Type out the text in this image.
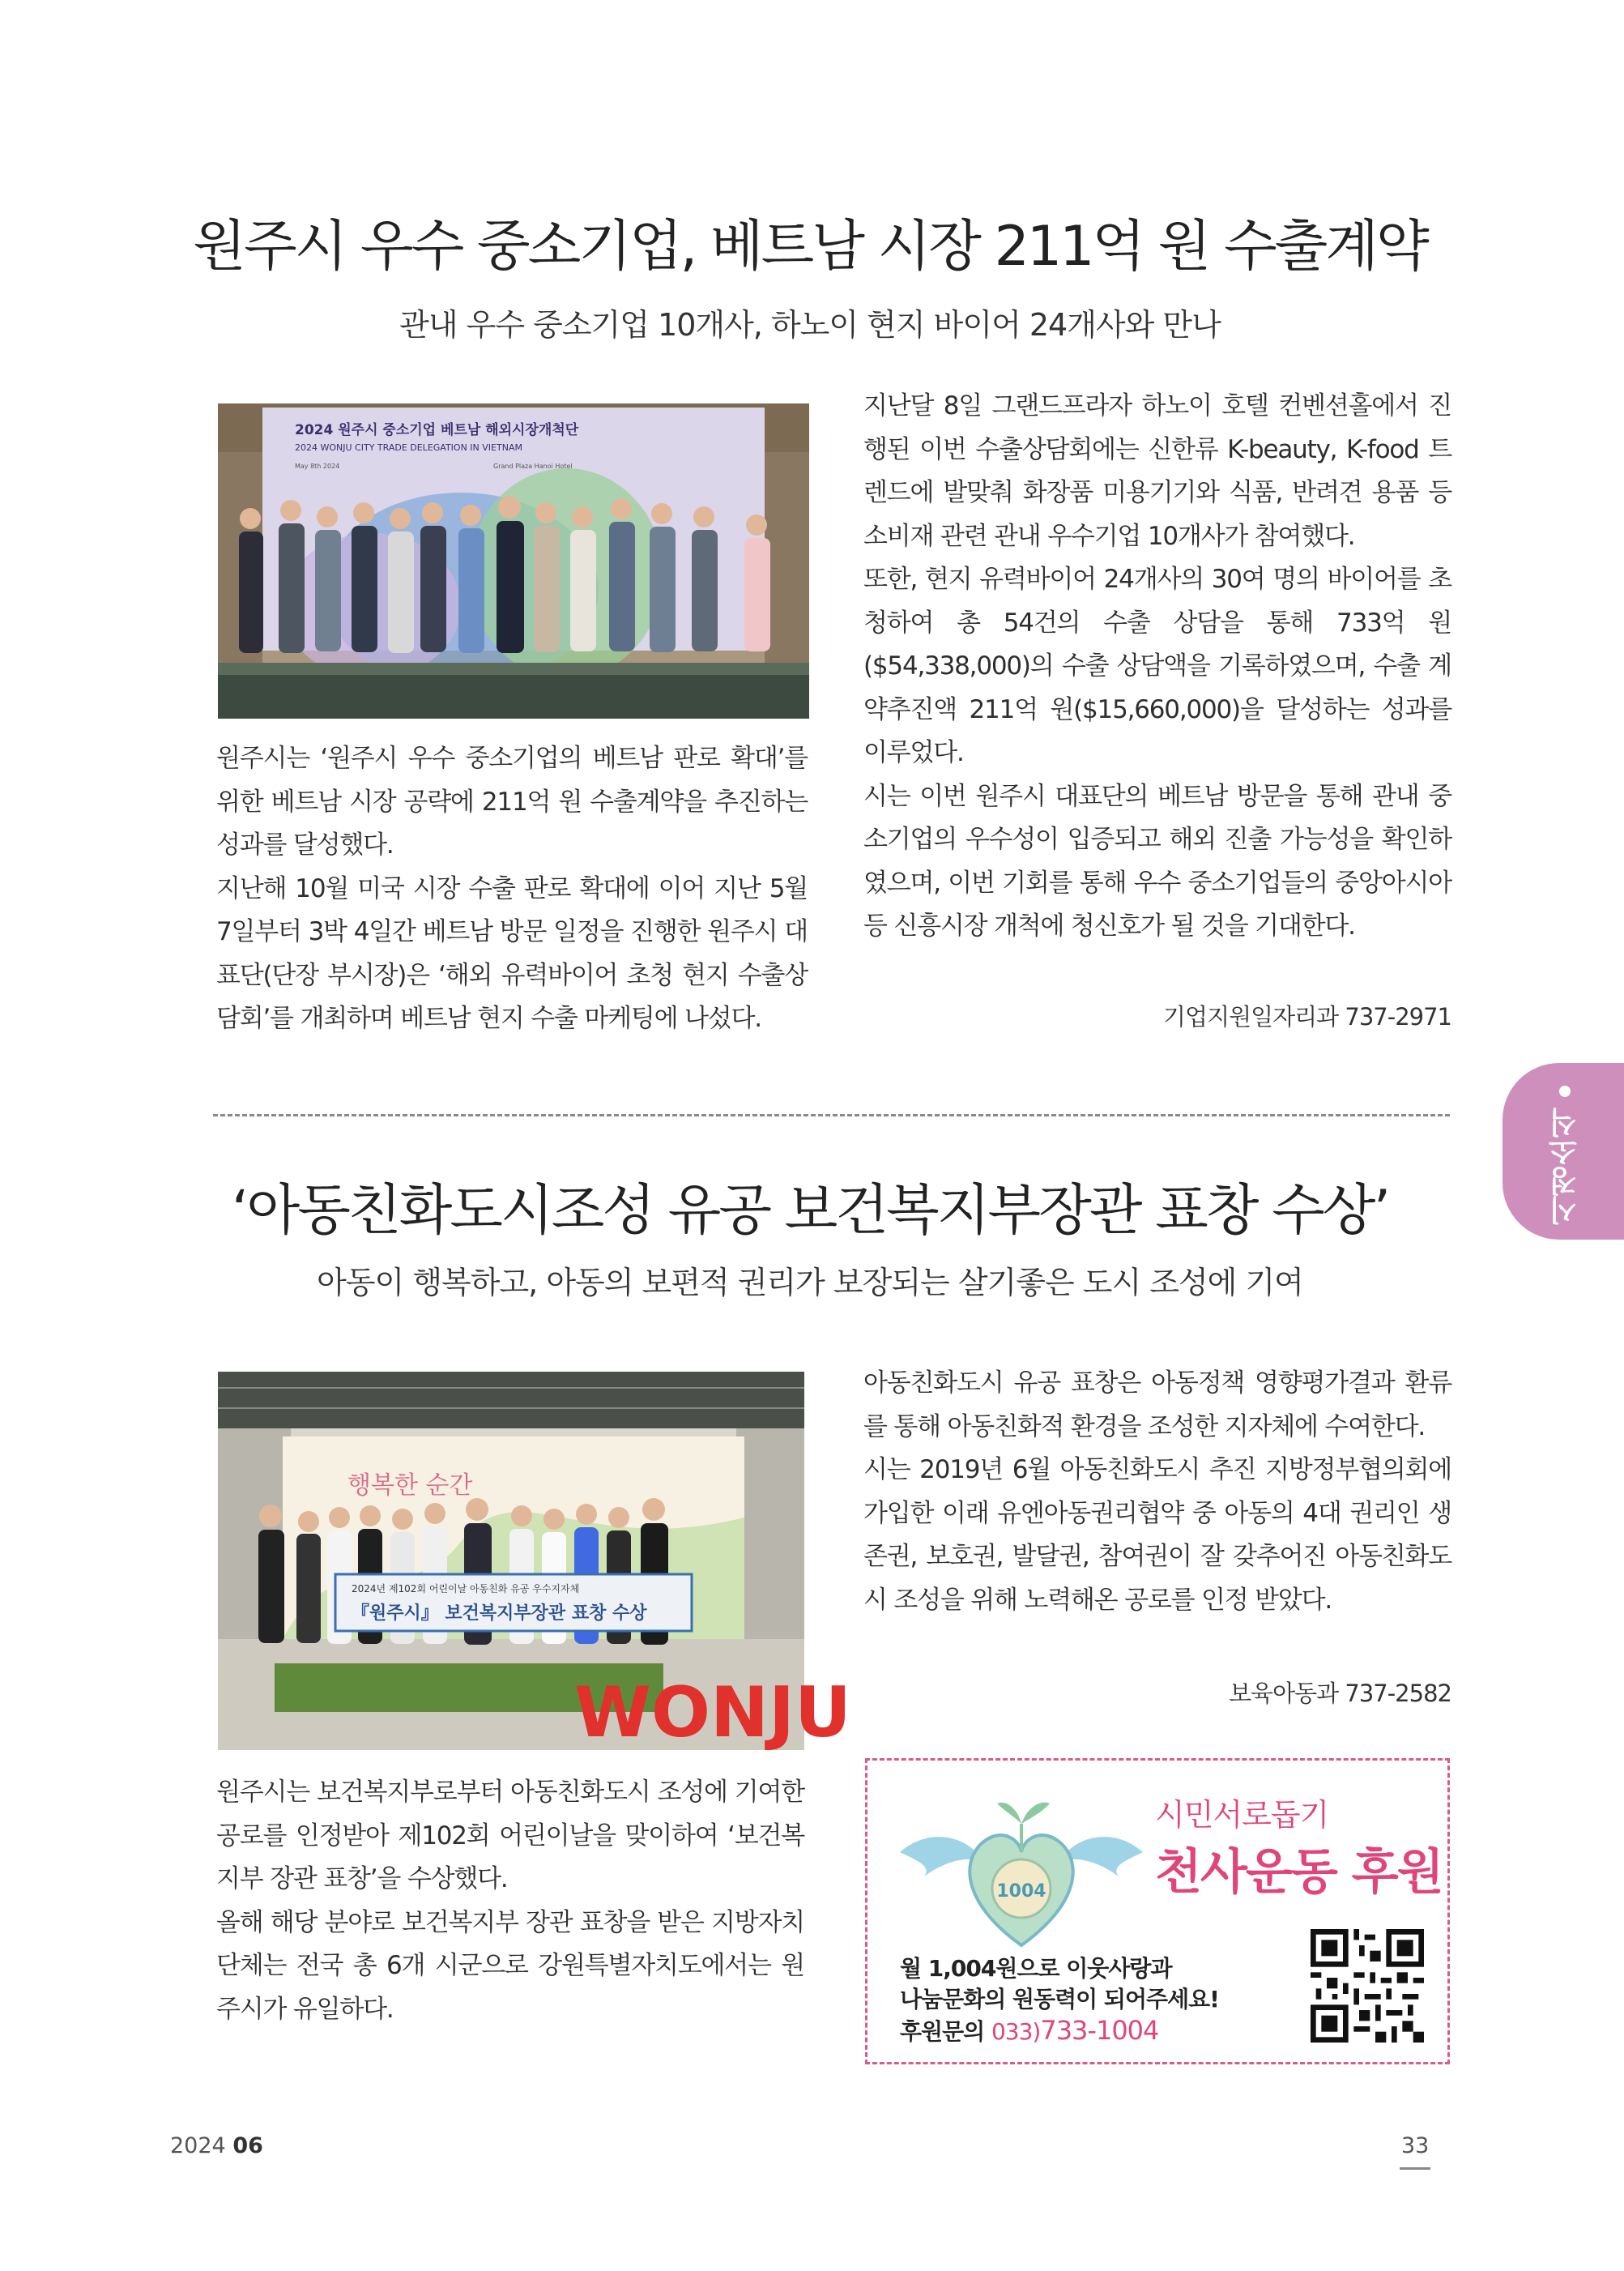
원주시 우수 중소기업, 베트남 시장 211억 원 수출계약
관내 우수 중소기업 10개사, 하노이 현지 바이어 24개사와 만나
2024 원주시 중소기업 베트남 해외시장개척단
2024 WONJU CITY TRADE DELEGATION IN VIETNAM
May 8th 2024	Grand Plaza Hanoi Hotel

원주시는 ‘원주시 우수 중소기업의 베트남 판로 확대’를 위한 베트남 시장 공략에 211억 원 수출계약을 추진하는 성과를 달성했다.

지난해 10월 미국 시장 수출 판로 확대에 이어 지난 5월 7일부터 3박 4일간 베트남 방문 일정을 진행한 원주시 대표단(단장 부시장)은 ‘해외 유력바이어 초청 현지 수출상담회’를 개최하며 베트남 현지 수출 마케팅에 나섰다.

지난달 8일 그랜드프라자 하노이 호텔 컨벤션홀에서 진행된 이번 수출상담회에는 신한류 K-beauty, K-food 트렌드에 발맞춰 화장품 미용기기와 식품, 반려견 용품 등 소비재 관련 관내 우수기업 10개사가 참여했다.

또한, 현지 유력바이어 24개사의 30여 명의 바이어를 초청하여 총 54건의 수출 상담을 통해 733억 원 ($54,338,000)의 수출 상담액을 기록하였으며, 수출 계약추진액 211억 원($15,660,000)을 달성하는 성과를 이루었다.

시는 이번 원주시 대표단의 베트남 방문을 통해 관내 중소기업의 우수성이 입증되고 해외 진출 가능성을 확인하였으며, 이번 기회를 통해 우수 중소기업들의 중앙아시아 등 신흥시장 개척에 청신호가 될 것을 기대한다.

기업지원일자리과 737-2971
시정소식
‘아동친화도시조성 유공 보건복지부장관 표창 수상’
아동이 행복하고, 아동의 보편적 권리가 보장되는 살기좋은 도시 조성에 기여
행복한 순간
2024년 제102회 어린이날 아동친화 유공 우수지자체
『원주시』 보건복지부장관 표창 수상
WONJU

원주시는 보건복지부로부터 아동친화도시 조성에 기여한 공로를 인정받아 제102회 어린이날을 맞이하여 ‘보건복지부 장관 표창’을 수상했다.

올해 해당 분야로 보건복지부 장관 표창을 받은 지방자치단체는 전국 총 6개 시군으로 강원특별자치도에서는 원주시가 유일하다.

아동친화도시 유공 표창은 아동정책 영향평가결과 환류를 통해 아동친화적 환경을 조성한 지자체에 수여한다.

시는 2019년 6월 아동친화도시 추진 지방정부협의회에 가입한 이래 유엔아동권리협약 중 아동의 4대 권리인 생존권, 보호권, 발달권, 참여권이 잘 갖추어진 아동친화도시 조성을 위해 노력해온 공로를 인정 받았다.

보육아동과 737-2582
1004
시민서로돕기
천사운동 후원
월 1,004원으로 이웃사랑과
나눔문화의 원동력이 되어주세요!
후원문의 033)733-1004
2024 06	33
